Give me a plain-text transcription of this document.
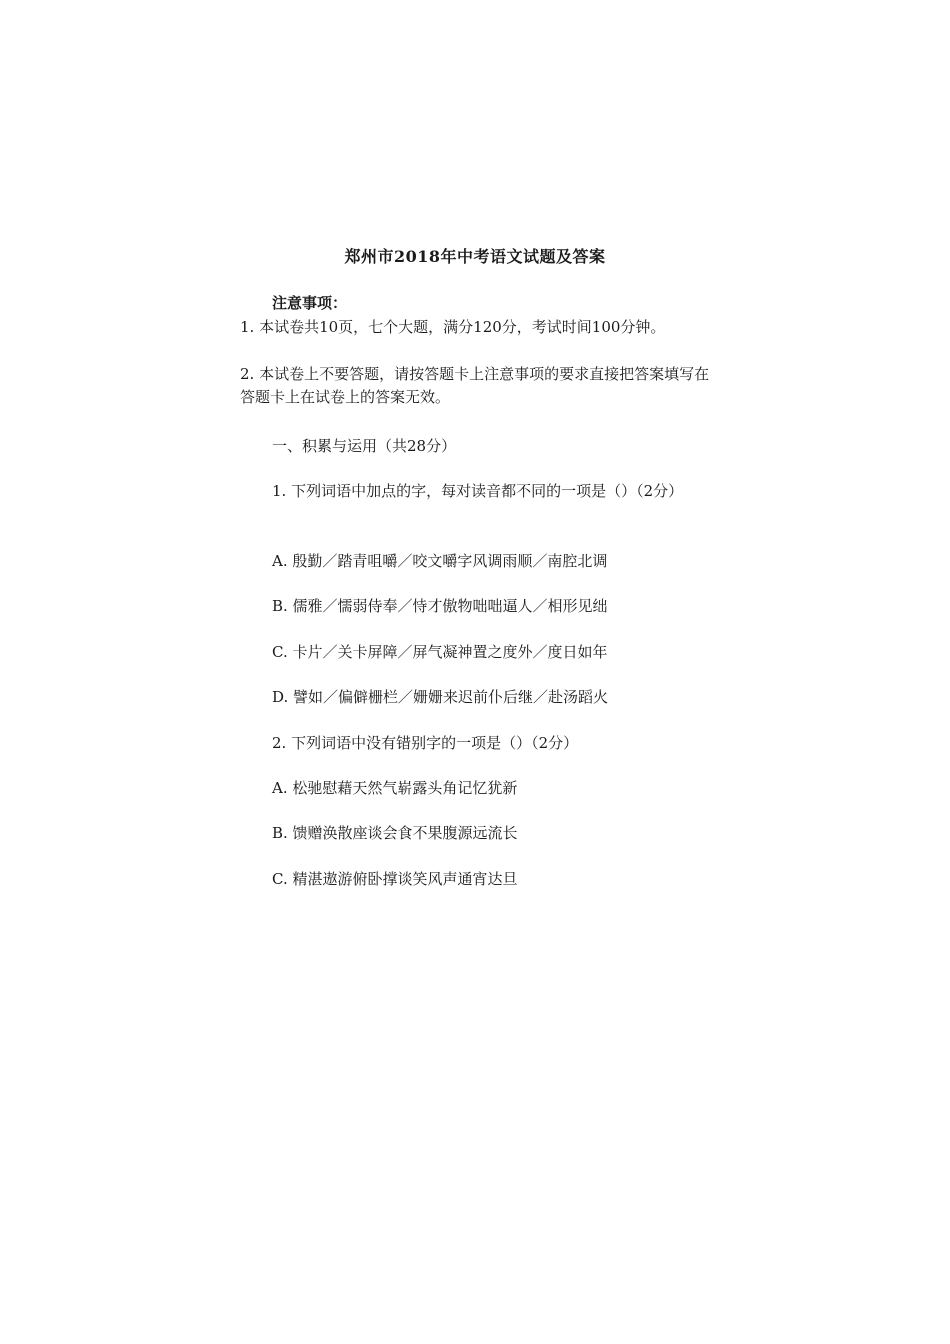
郑州市2018年中考语文试题及答案
注意事项：
1. 本试卷共10页，七个大题，满分120分，考试时间100分钟。
2. 本试卷上不要答题，请按答题卡上注意事项的要求直接把答案填写在答题卡上在试卷上的答案无效。
一、积累与运用（共28分）
1. 下列词语中加点的字，每对读音都不同的一项是（）（2分）
A. 殷勤／踏青咀嚼／咬文嚼字风调雨顺／南腔北调
B. 儒雅／懦弱侍奉／恃才傲物咄咄逼人／相形见绌
C. 卡片／关卡屏障／屏气凝神置之度外／度日如年
D. 譬如／偏僻栅栏／姗姗来迟前仆后继／赴汤蹈火
2. 下列词语中没有错别字的一项是（）（2分）
A. 松驰慰藉天然气崭露头角记忆犹新
B. 馈赠涣散座谈会食不果腹源远流长
C. 精湛遨游俯卧撑谈笑风声通宵达旦
